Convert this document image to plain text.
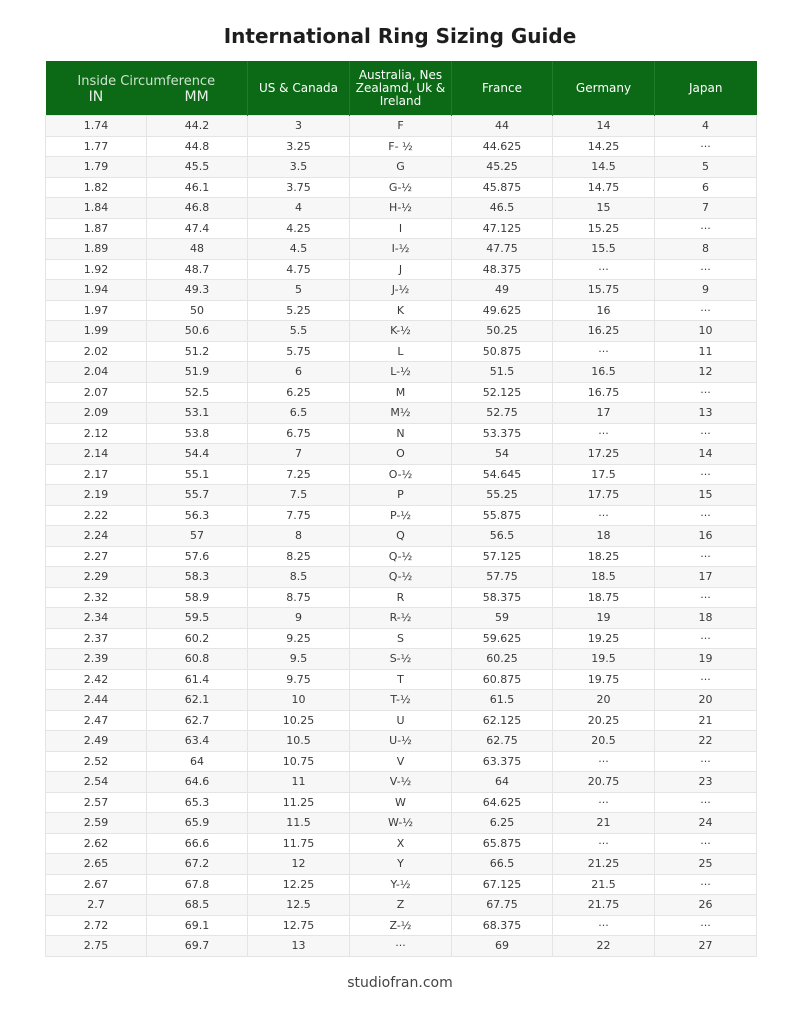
International Ring Sizing Guide
Inside Circumference
IN MM		US & Canada	Australia, Nes Zealamd, Uk & Ireland	France	Germany	Japan
1.74	44.2	3	F	44	14	4
1.77	44.8	3.25	F- ½	44.625	14.25	···
1.79	45.5	3.5	G	45.25	14.5	5
1.82	46.1	3.75	G-½	45.875	14.75	6
1.84	46.8	4	H-½	46.5	15	7
1.87	47.4	4.25	I	47.125	15.25	···
1.89	48	4.5	I-½	47.75	15.5	8
1.92	48.7	4.75	J	48.375	···	···
1.94	49.3	5	J-½	49	15.75	9
1.97	50	5.25	K	49.625	16	···
1.99	50.6	5.5	K-½	50.25	16.25	10
2.02	51.2	5.75	L	50.875	···	11
2.04	51.9	6	L-½	51.5	16.5	12
2.07	52.5	6.25	M	52.125	16.75	···
2.09	53.1	6.5	M½	52.75	17	13
2.12	53.8	6.75	N	53.375	···	···
2.14	54.4	7	O	54	17.25	14
2.17	55.1	7.25	O-½	54.645	17.5	···
2.19	55.7	7.5	P	55.25	17.75	15
2.22	56.3	7.75	P-½	55.875	···	···
2.24	57	8	Q	56.5	18	16
2.27	57.6	8.25	Q-½	57.125	18.25	···
2.29	58.3	8.5	Q-½	57.75	18.5	17
2.32	58.9	8.75	R	58.375	18.75	···
2.34	59.5	9	R-½	59	19	18
2.37	60.2	9.25	S	59.625	19.25	···
2.39	60.8	9.5	S-½	60.25	19.5	19
2.42	61.4	9.75	T	60.875	19.75	···
2.44	62.1	10	T-½	61.5	20	20
2.47	62.7	10.25	U	62.125	20.25	21
2.49	63.4	10.5	U-½	62.75	20.5	22
2.52	64	10.75	V	63.375	···	···
2.54	64.6	11	V-½	64	20.75	23
2.57	65.3	11.25	W	64.625	···	···
2.59	65.9	11.5	W-½	6.25	21	24
2.62	66.6	11.75	X	65.875	···	···
2.65	67.2	12	Y	66.5	21.25	25
2.67	67.8	12.25	Y-½	67.125	21.5	···
2.7	68.5	12.5	Z	67.75	21.75	26
2.72	69.1	12.75	Z-½	68.375	···	···
2.75	69.7	13	···	69	22	27
studiofran.com
